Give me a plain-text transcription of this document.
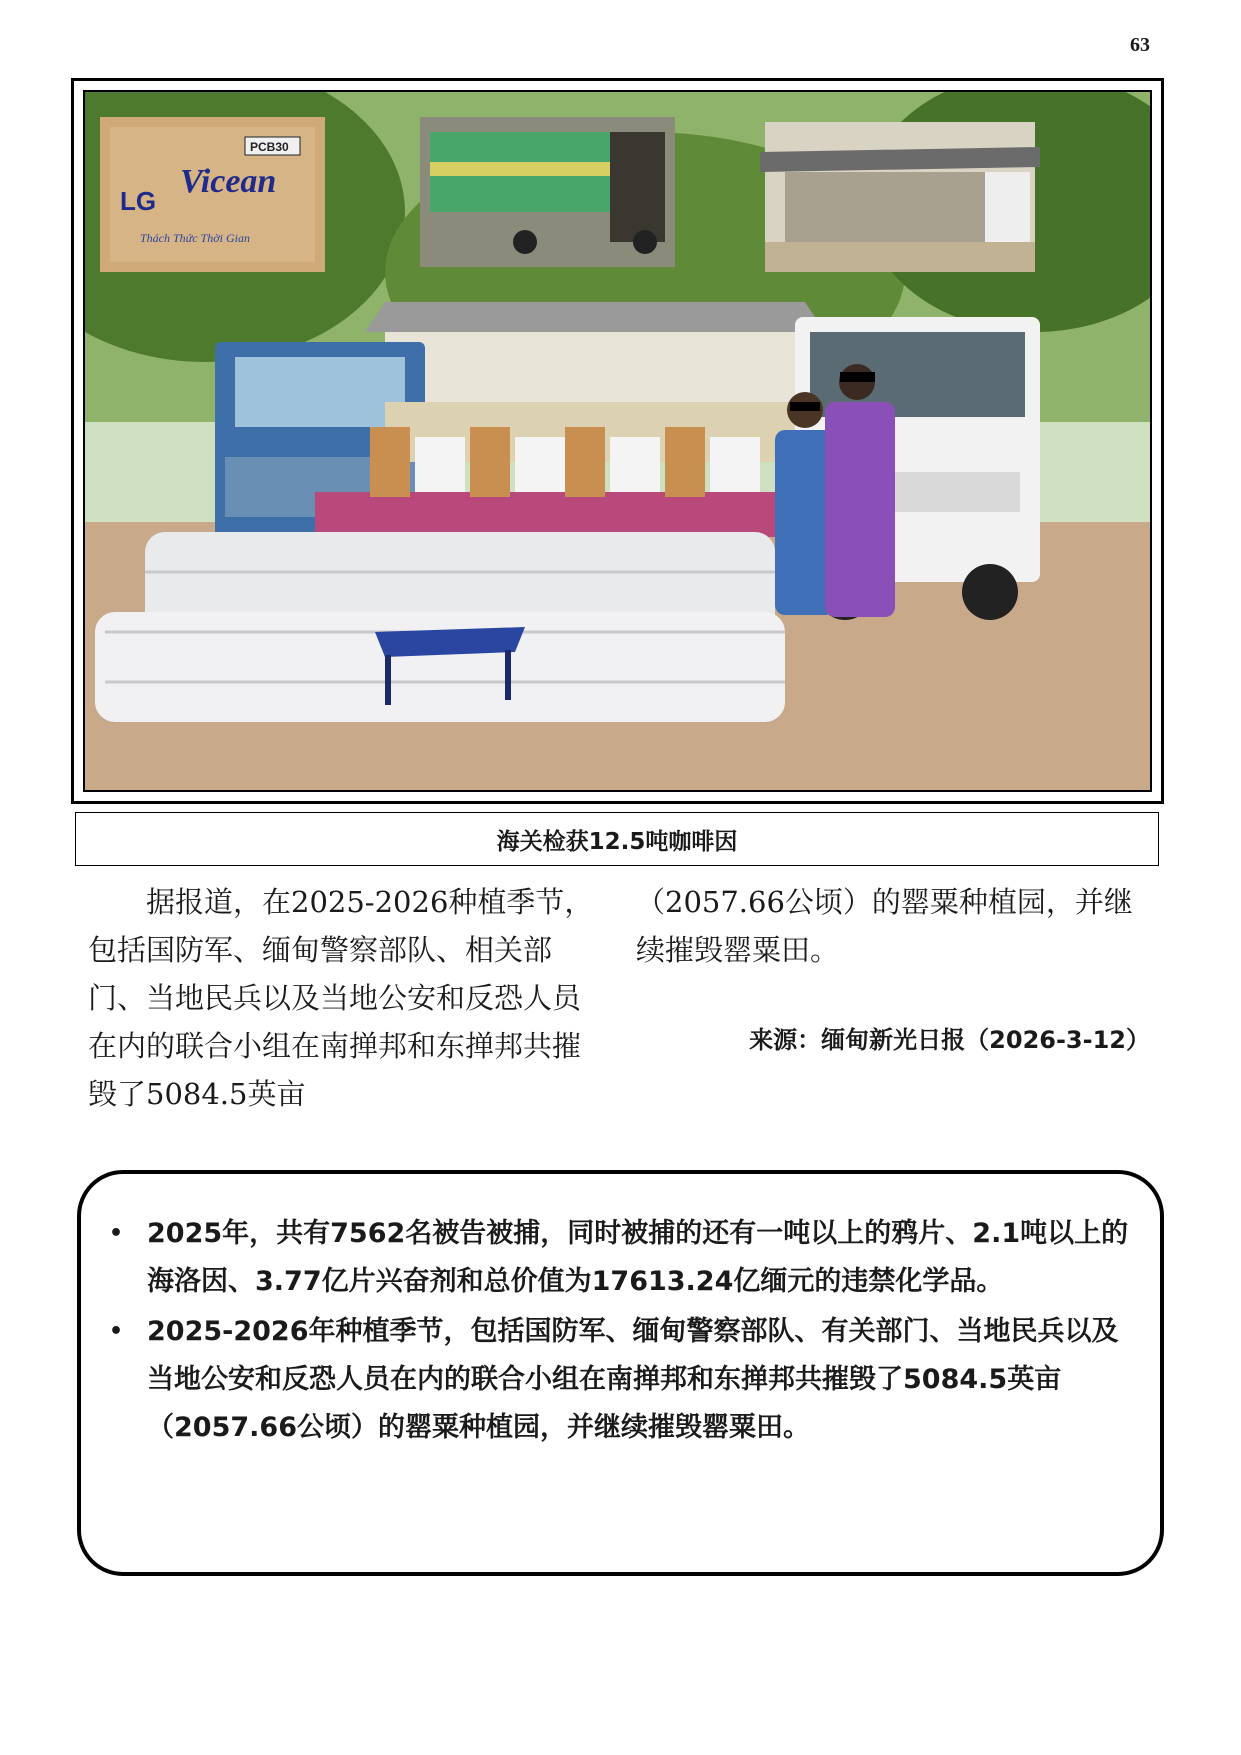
63
Vicean
LG
PCB30
Thách Thức Thời Gian
海关检获12.5吨咖啡因

据报道，在2025-2026种植季节，包括国防军、缅甸警察部队、相关部门、当地民兵以及当地公安和反恐人员在内的联合小组在南掸邦和东掸邦共摧毁了5084.5英亩

（2057.66公顷）的罂粟种植园，并继续摧毁罂粟田。

来源：缅甸新光日报（2026-3-12）
• 2025年，共有7562名被告被捕，同时被捕的还有一吨以上的鸦片、2.1吨以上的海洛因、3.77亿片兴奋剂和总价值为17613.24亿缅元的违禁化学品。
• 2025-2026年种植季节，包括国防军、缅甸警察部队、有关部门、当地民兵以及当地公安和反恐人员在内的联合小组在南掸邦和东掸邦共摧毁了5084.5英亩（2057.66公顷）的罂粟种植园，并继续摧毁罂粟田。
